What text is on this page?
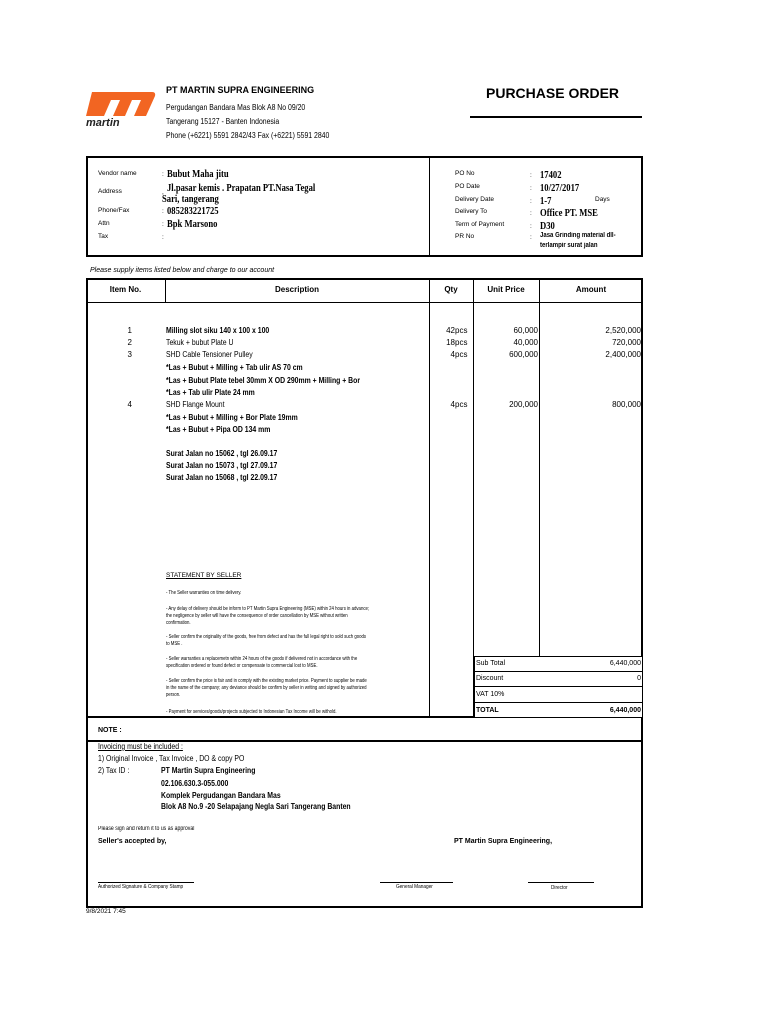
martin
PT MARTIN SUPRA ENGINEERING
Pergudangan Bandara Mas Blok A8 No 09/20
Tangerang 15127 - Banten Indonesia
Phone (+6221) 5591 2842/43 Fax (+6221) 5591 2840
PURCHASE ORDER
Vendor name	: Bubut Maha jitu
Address	, Jl.pasar kemis . Prapatan PT.Nasa Tegal
Sari, tangerang
Phone/Fax	: 085283221725
Attn	: Bpk Marsono
Tax	:
PO No	: 17402
PO Date	: 10/27/2017
Delivery Date	: 1-7	Days
Delivery To	: Office PT. MSE
Term of Payment	: D30
PR No	: Jasa Grinding material dll-
terlampir surat jalan
Please supply items listed below and charge to our account
Item No.	Description	Qty	Unit Price	Amount
1	Milling slot siku 140 x 100 x 100	42 pcs	60,000	2,520,000
2	Tekuk + bubut Plate U	18 pcs	40,000	720,000
3	SHD Cable Tensioner Pulley	4 pcs	600,000	2,400,000
*Las + Bubut + Milling + Tab ulir AS 70 cm
*Las + Bubut Plate tebel 30mm X OD 290mm + Milling + Bor
*Las + Tab ulir Plate 24 mm
4	SHD Flange Mount	4 pcs	200,000	800,000
*Las + Bubut + Milling + Bor Plate 19mm
*Las + Bubut + Pipa OD 134 mm
Surat Jalan no 15062 , tgl 26.09.17
Surat Jalan no 15073 , tgl 27.09.17
Surat Jalan no 15068 , tgl 22.09.17
STATEMENT BY SELLER
- The Seller warranties on time delivery.
- Any delay of delivery should be inform to PT Martin Supra Engineering (MSE) within 24 hours in advance;
the negligence by seller will have the consequence of order cancellation by MSE without written
confirmation.
- Seller confirm the originality of the goods, free from defect and has the full legal right to sold such goods
to MSE .
- Seller warranties a replacemetn within 24 hours of the goods if delivered not in accordance with the
specification ordered or found defect or compensate to commercial lost to MSE.
- Seller confirm the price is fair and in comply with the existing market price. Payment to supplier be made
in the name of the company; any deviance should be confirm by seller in writing and signed by authorized
person.
- Payment for services/goods/projects subjected to Indonesian Tax Income will be withold.
Sub Total	6,440,000
Discount	0
VAT 10%
TOTAL	6,440,000
NOTE :
Invoicing must be included :
1) Original Invoice , Tax Invoice , DO & copy PO
2) Tax ID :	PT Martin Supra Engineering
02.106.630.3-055.000
Komplek Pergudangan Bandara Mas
Blok A8 No.9 -20 Selapajang Negla Sari Tangerang Banten
Please sign and return it to us as approval
Seller's accepted by,	PT Martin Supra Engineering,
Authorized Signature & Company Stamp	General Manager	Director
9/8/2021 7:45
